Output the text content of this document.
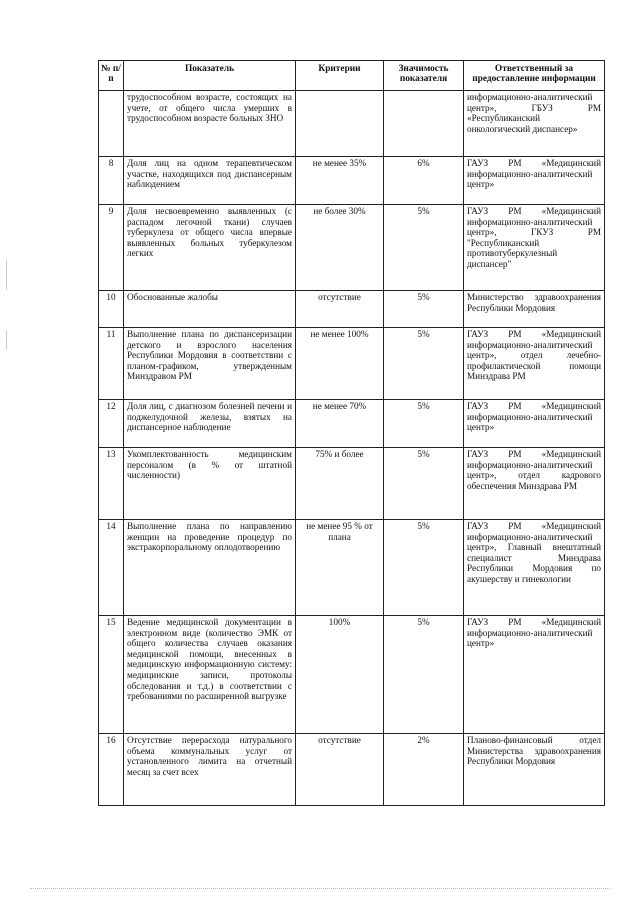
№ п/п	Показатель	Критерии	Значимость показателя	Ответственный за предоставление информации
	трудоспособном возрасте, состоящих на учете, от общего числа умерших в трудоспособном возрасте больных ЗНО			информационно-аналитический центр», ГБУЗ РМ «Республиканский онкологический диспансер»
8	Доля лиц на одном терапевтическом участке, находящихся под диспансерным наблюдением	не менее 35%	6%	ГАУЗ РМ «Медицинский информационно-аналитический центр»
9	Доля несвоевременно выявленных (с распадом легочной ткани) случаев туберкулеза от общего числа впервые выявленных больных туберкулезом легких	не более 30%	5%	ГАУЗ РМ «Медицинский информационно-аналитический центр», ГКУЗ РМ "Республиканский противотуберкулезный диспансер"
10	Обоснованные жалобы	отсутствие	5%	Министерство здравоохранения Республики Мордовия
11	Выполнение плана по диспансеризации детского и взрослого населения Республики Мордовия в соответствии с планом-графиком, утвержденным Минздравом РМ	не менее 100%	5%	ГАУЗ РМ «Медицинский информационно-аналитический центр», отдел лечебно-профилактической помощи Минздрава РМ
12	Доля лиц, с диагнозом болезней печени и поджелудочной железы, взятых на диспансерное наблюдение	не менее 70%	5%	ГАУЗ РМ «Медицинский информационно-аналитический центр»
13	Укомплектованность медицинским персоналом (в % от штатной численности)	75% и более	5%	ГАУЗ РМ «Медицинский информационно-аналитический центр», отдел кадрового обеспечения Минздрава РМ
14	Выполнение плана по направлению женщин на проведение процедур по экстракорпоральному оплодотворению	не менее 95 % от плана	5%	ГАУЗ РМ «Медицинский информационно-аналитический центр», Главный внештатный специалист Минздрава Республики Мордовия по акушерству и гинекологии
15	Ведение медицинской документации в электронном виде (количество ЭМК от общего количества случаев оказания медицинской помощи, внесенных в медицинскую информационную систему: медицинские записи, протоколы обследования и т.д.) в соответствии с требованиями по расширенной выгрузке	100%	5%	ГАУЗ РМ «Медицинский информационно-аналитический центр»
16	Отсутствие перерасхода натурального объема коммунальных услуг от установленного лимита на отчетный месяц за счет всех	отсутствие	2%	Планово-финансовый отдел Министерства здравоохранения Республики Мордовия
